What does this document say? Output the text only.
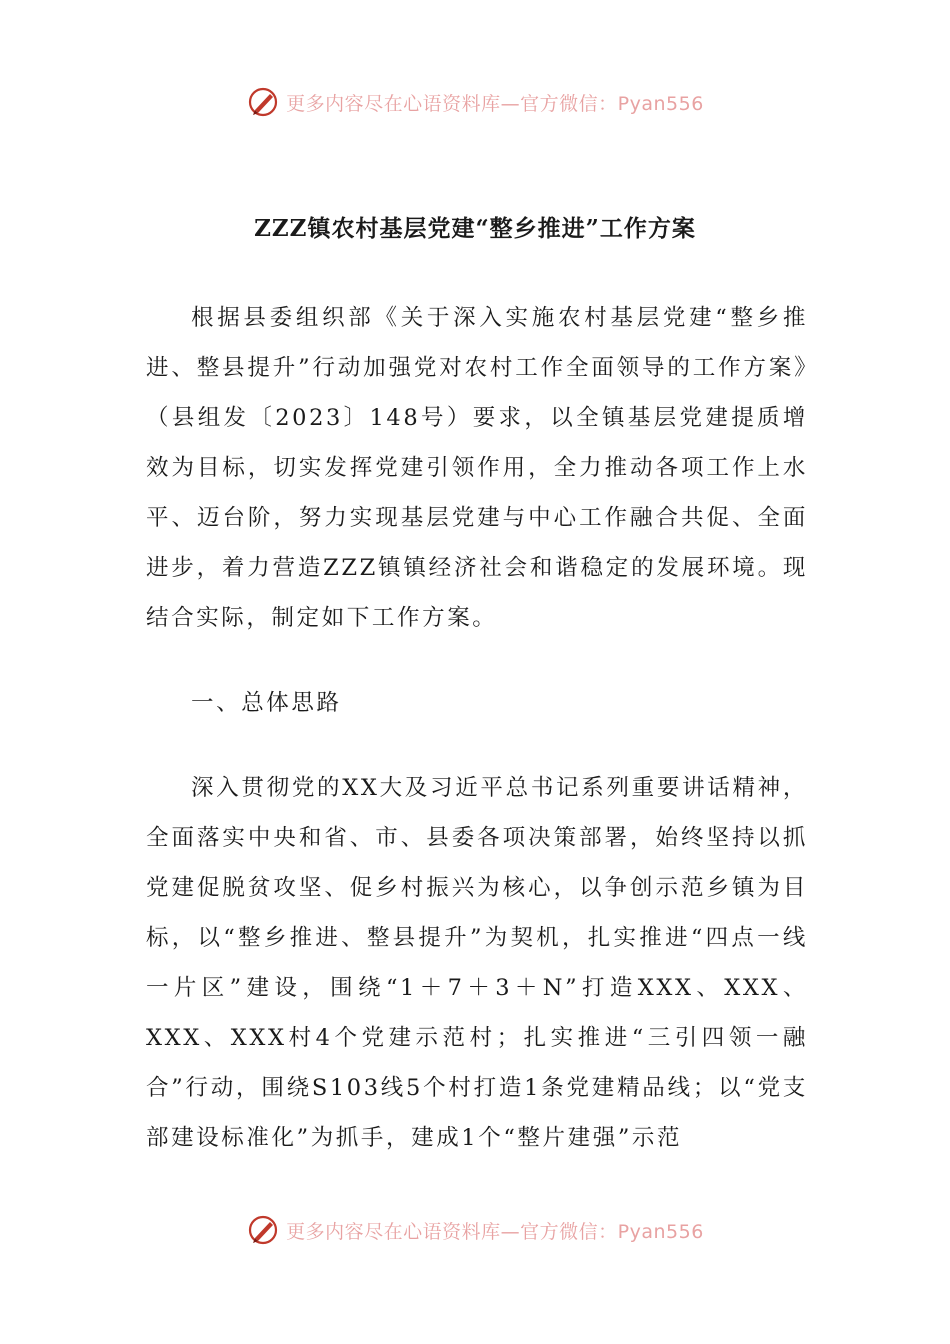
更多内容尽在心语资料库—官方微信：Pyan556
ZZZ镇农村基层党建“整乡推进”工作方案

根据县委组织部《关于深入实施农村基层党建“整乡推进、整县提升”行动加强党对农村工作全面领导的工作方案》（县组发〔2023〕148号）要求，以全镇基层党建提质增效为目标，切实发挥党建引领作用，全力推动各项工作上水平、迈台阶，努力实现基层党建与中心工作融合共促、全面进步，着力营造ZZZ镇镇经济社会和谐稳定的发展环境。现结合实际，制定如下工作方案。

一、总体思路

深入贯彻党的XX大及习近平总书记系列重要讲话精神，全面落实中央和省、市、县委各项决策部署，始终坚持以抓党建促脱贫攻坚、促乡村振兴为核心，以争创示范乡镇为目标，以“整乡推进、整县提升”为契机，扎实推进“四点一线一片区”建设，围绕“1＋7＋3＋N”打造XXX、XXX、XXX、XXX村4个党建示范村；扎实推进“三引四领一融合”行动，围绕S103线5个村打造1条党建精品线；以“党支部建设标准化”为抓手，建成1个“整片建强”示范

更多内容尽在心语资料库—官方微信：Pyan556
